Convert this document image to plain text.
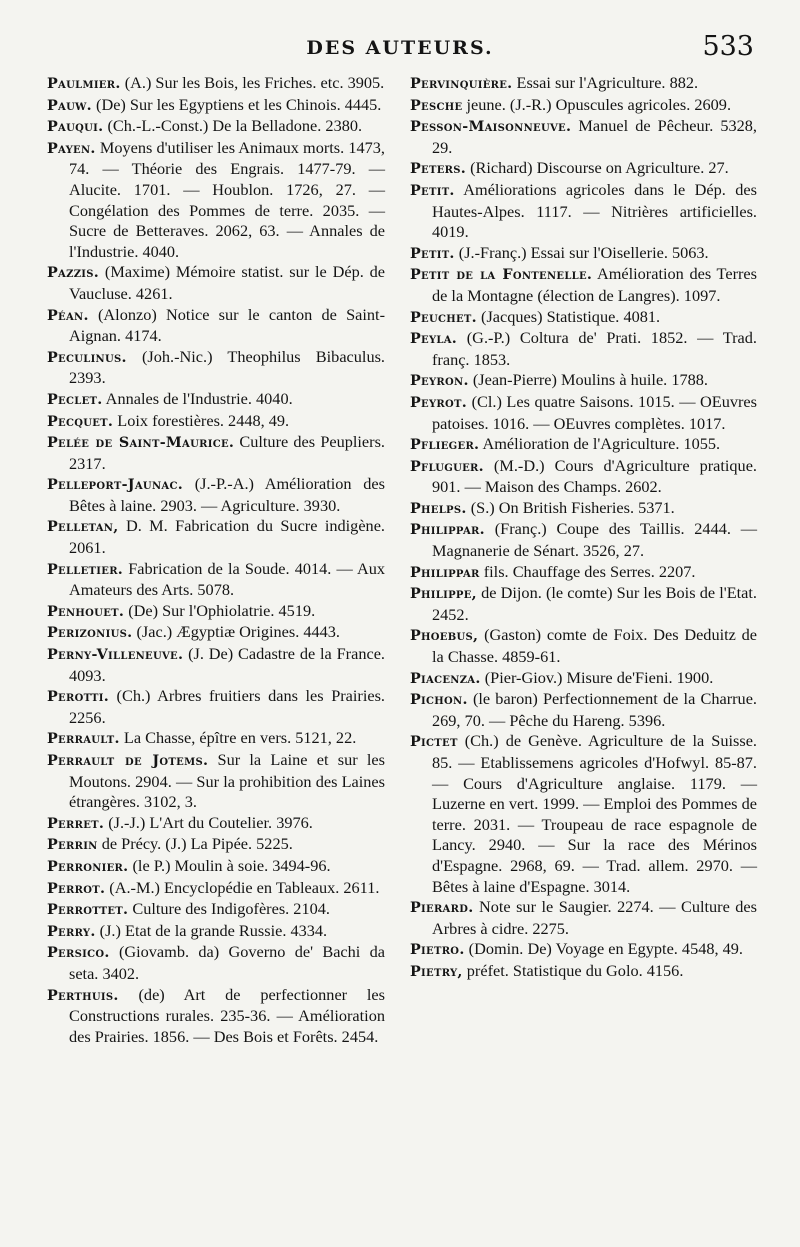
DES AUTEURS.	533

Paulmier. (A.) Sur les Bois, les Friches. etc. 3905.

Pauw. (De) Sur les Egyptiens et les Chinois. 4445.

Pauqui. (Ch.-L.-Const.) De la Belladone. 2380.

Payen. Moyens d'utiliser les Animaux morts. 1473, 74. — Théorie des Engrais. 1477-79. — Alucite. 1701. — Houblon. 1726, 27. — Congélation des Pommes de terre. 2035. — Sucre de Betteraves. 2062, 63. — Annales de l'Industrie. 4040.

Pazzis. (Maxime) Mémoire statist. sur le Dép. de Vaucluse. 4261.

Péan. (Alonzo) Notice sur le canton de Saint-Aignan. 4174.

Peculinus. (Joh.-Nic.) Theophilus Bibaculus. 2393.

Peclet. Annales de l'Industrie. 4040.

Pecquet. Loix forestières. 2448, 49.

Pelée de Saint-Maurice. Culture des Peupliers. 2317.

Pelleport-Jaunac. (J.-P.-A.) Amélioration des Bêtes à laine. 2903. — Agriculture. 3930.

Pelletan, D. M. Fabrication du Sucre indigène. 2061.

Pelletier. Fabrication de la Soude. 4014. — Aux Amateurs des Arts. 5078.

Penhouet. (De) Sur l'Ophiolatrie. 4519.

Perizonius. (Jac.) Ægyptiæ Origines. 4443.

Perny-Villeneuve. (J. De) Cadastre de la France. 4093.

Perotti. (Ch.) Arbres fruitiers dans les Prairies. 2256.

Perrault. La Chasse, épître en vers. 5121, 22.

Perrault de Jotems. Sur la Laine et sur les Moutons. 2904. — Sur la prohibition des Laines étrangères. 3102, 3.

Perret. (J.-J.) L'Art du Coutelier. 3976.

Perrin de Précy. (J.) La Pipée. 5225.

Perronier. (le P.) Moulin à soie. 3494-96.

Perrot. (A.-M.) Encyclopédie en Tableaux. 2611.

Perrottet. Culture des Indigofères. 2104.

Perry. (J.) Etat de la grande Russie. 4334.

Persico. (Giovamb. da) Governo de' Bachi da seta. 3402.

Perthuis. (de) Art de perfectionner les Constructions rurales. 235-36. — Amélioration des Prairies. 1856. — Des Bois et Forêts. 2454.

Pervinquière. Essai sur l'Agriculture. 882.

Pesche jeune. (J.-R.) Opuscules agricoles. 2609.

Pesson-Maisonneuve. Manuel de Pêcheur. 5328, 29.

Peters. (Richard) Discourse on Agriculture. 27.

Petit. Améliorations agricoles dans le Dép. des Hautes-Alpes. 1117. — Nitrières artificielles. 4019.

Petit. (J.-Franç.) Essai sur l'Oisellerie. 5063.

Petit de la Fontenelle. Amélioration des Terres de la Montagne (élection de Langres). 1097.

Peuchet. (Jacques) Statistique. 4081.

Peyla. (G.-P.) Coltura de' Prati. 1852. — Trad. franç. 1853.

Peyron. (Jean-Pierre) Moulins à huile. 1788.

Peyrot. (Cl.) Les quatre Saisons. 1015. — OEuvres patoises. 1016. — OEuvres complètes. 1017.

Pflieger. Amélioration de l'Agriculture. 1055.

Pfluguer. (M.-D.) Cours d'Agriculture pratique. 901. — Maison des Champs. 2602.

Phelps. (S.) On British Fisheries. 5371.

Philippar. (Franç.) Coupe des Taillis. 2444. — Magnanerie de Sénart. 3526, 27.

Philippar fils. Chauffage des Serres. 2207.

Philippe, de Dijon. (le comte) Sur les Bois de l'Etat. 2452.

Phoebus, (Gaston) comte de Foix. Des Deduitz de la Chasse. 4859-61.

Piacenza. (Pier-Giov.) Misure de'Fieni. 1900.

Pichon. (le baron) Perfectionnement de la Charrue. 269, 70. — Pêche du Hareng. 5396.

Pictet (Ch.) de Genève. Agriculture de la Suisse. 85. — Etablissemens agricoles d'Hofwyl. 85-87. — Cours d'Agriculture anglaise. 1179. — Luzerne en vert. 1999. — Emploi des Pommes de terre. 2031. — Troupeau de race espagnole de Lancy. 2940. — Sur la race des Mérinos d'Espagne. 2968, 69. — Trad. allem. 2970. — Bêtes à laine d'Espagne. 3014.

Pierard. Note sur le Saugier. 2274. — Culture des Arbres à cidre. 2275.

Pietro. (Domin. De) Voyage en Egypte. 4548, 49.

Pietry, préfet. Statistique du Golo. 4156.
